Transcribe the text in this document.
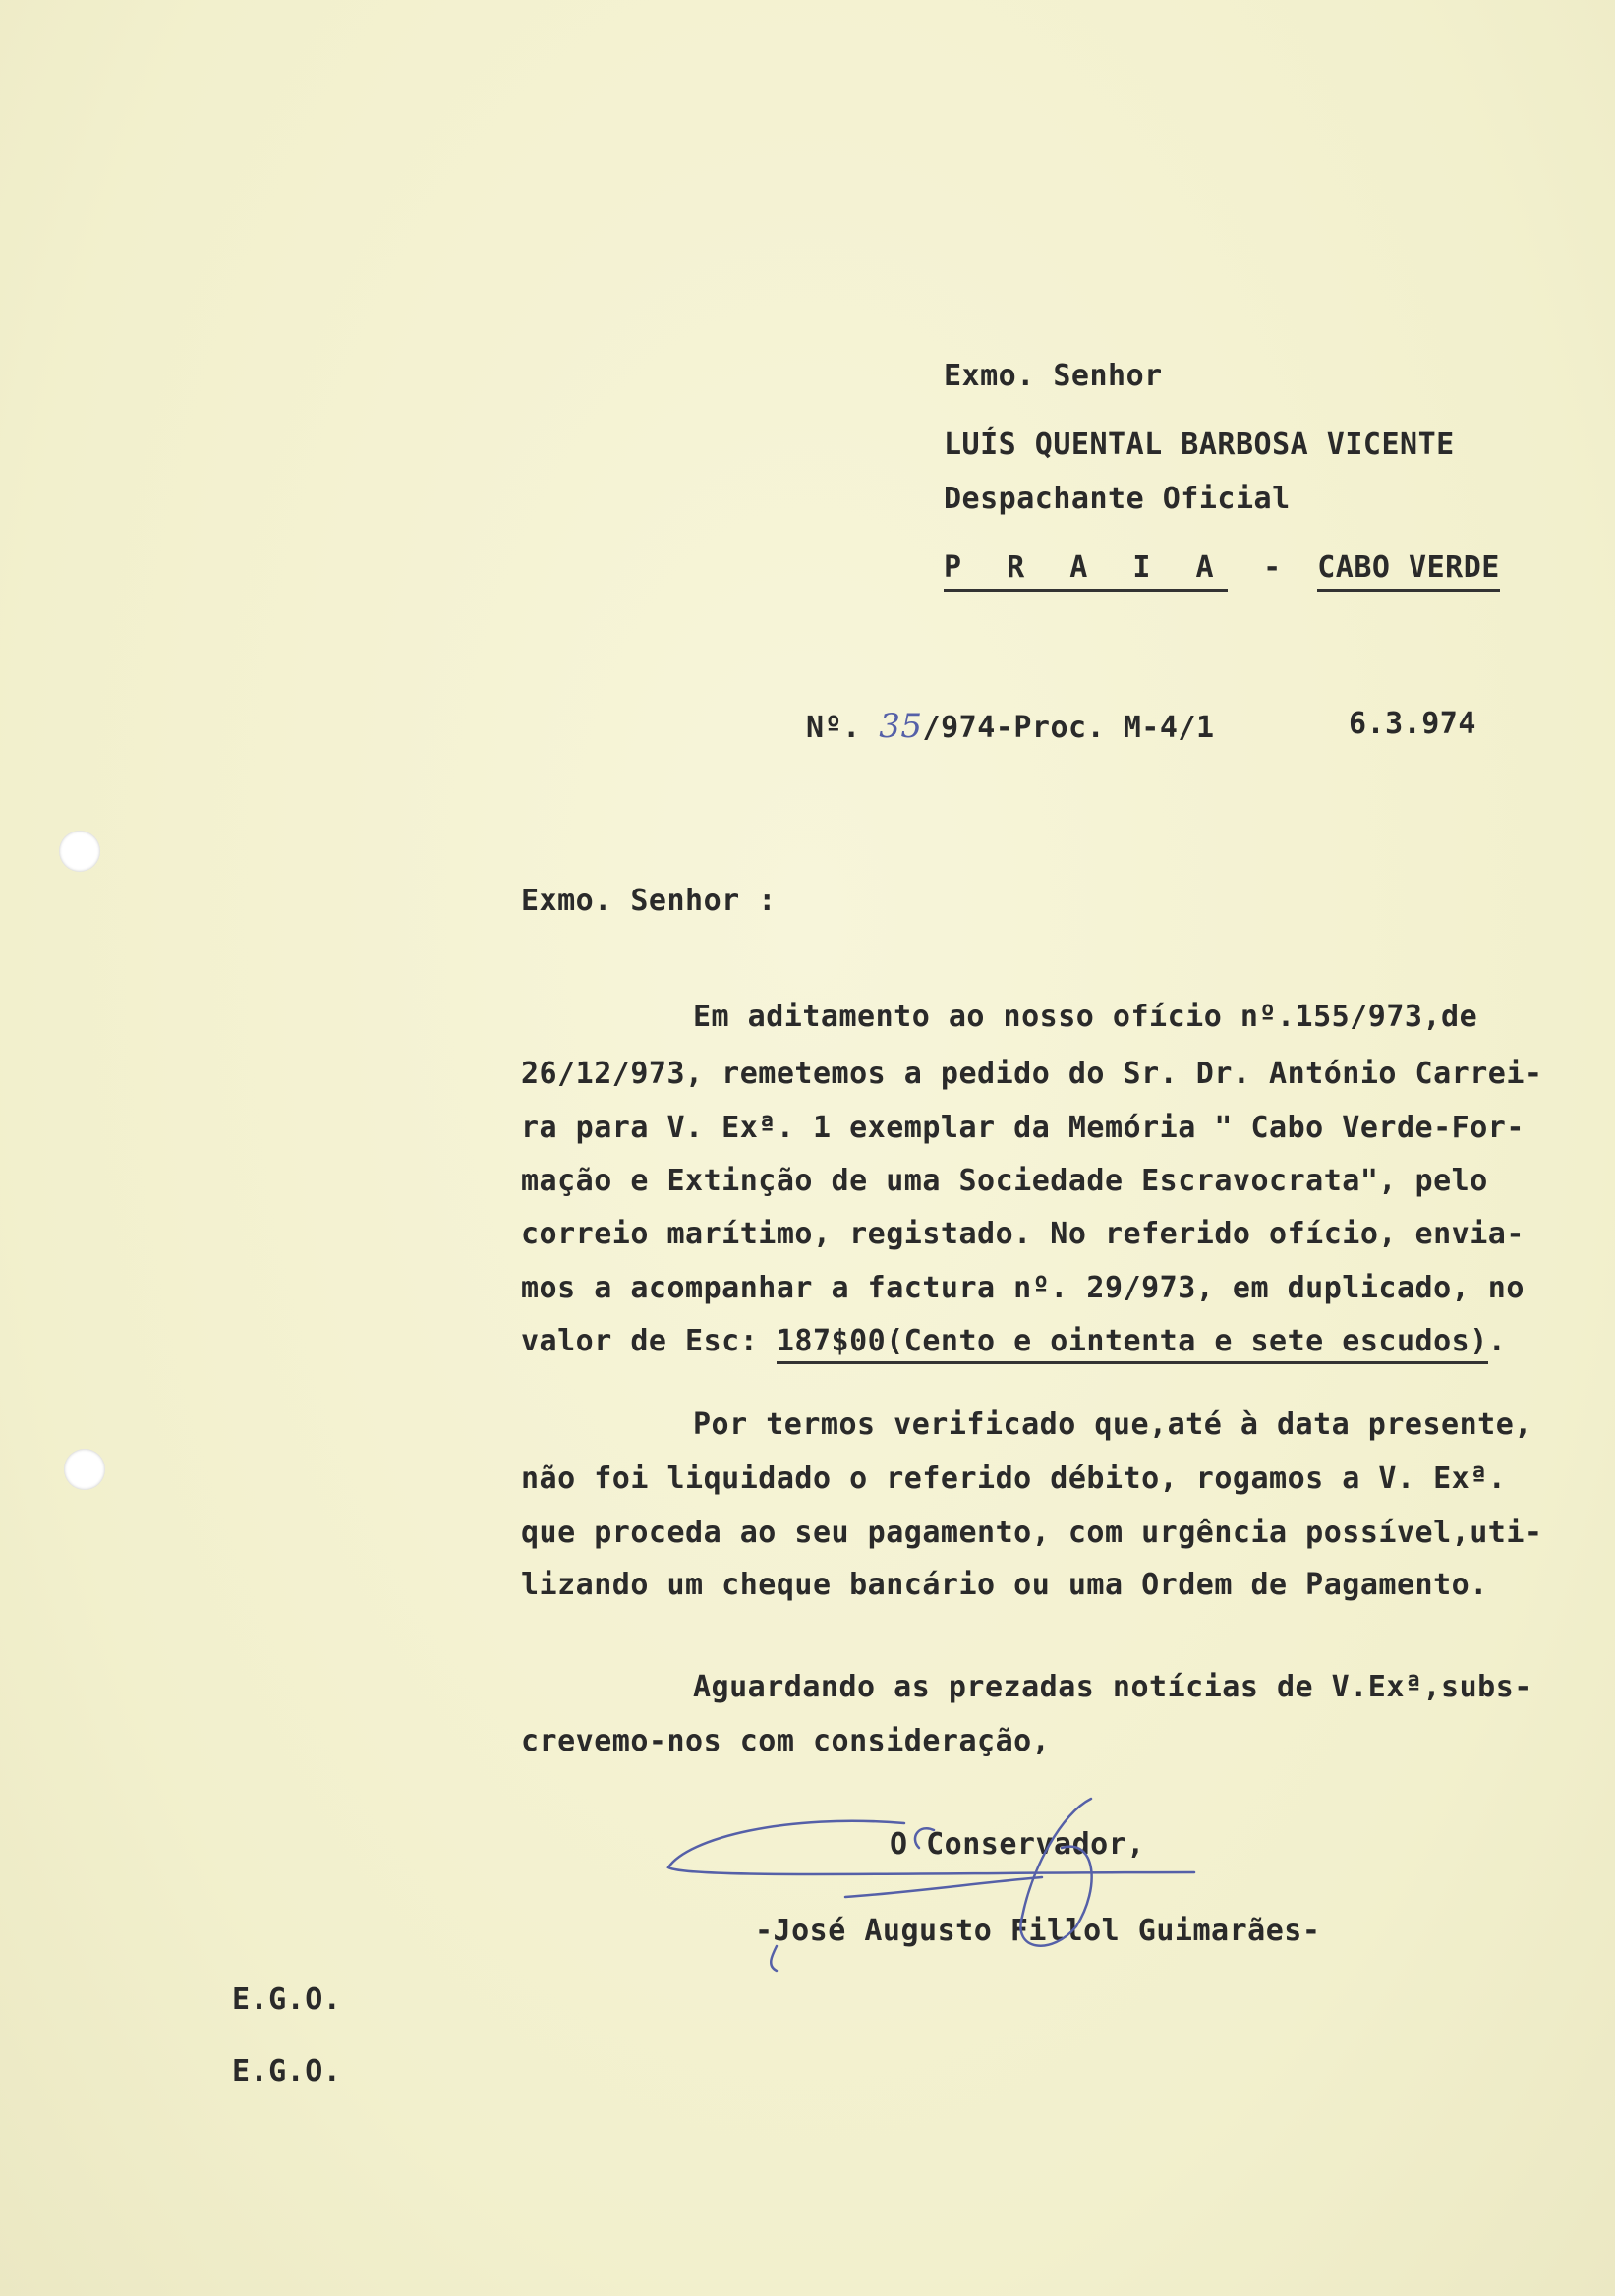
Exmo. Senhor
LUÍS QUENTAL BARBOSA VICENTE
Despachante Oficial
P R A I A - CABO VERDE
Nº. 35/974-Proc. M-4/1	6.3.974
Exmo. Senhor :
Em aditamento ao nosso ofício nº.155/973,de
26/12/973, remetemos a pedido do Sr. Dr. António Carrei-
ra para V. Exª. 1 exemplar da Memória " Cabo Verde-For-
mação e Extinção de uma Sociedade Escravocrata", pelo
correio marítimo, registado. No referido ofício, envia-
mos a acompanhar a factura nº. 29/973, em duplicado, no
valor de Esc: 187$00(Cento e ointenta e sete escudos).
Por termos verificado que,até à data presente,
não foi liquidado o referido débito, rogamos a V. Exª.
que proceda ao seu pagamento, com urgência possível,uti-
lizando um cheque bancário ou uma Ordem de Pagamento.
Aguardando as prezadas notícias de V.Exª,subs-
crevemo-nos com consideração,
O Conservador,
-José Augusto Fillol Guimarães-
E.G.O.
E.G.O.
